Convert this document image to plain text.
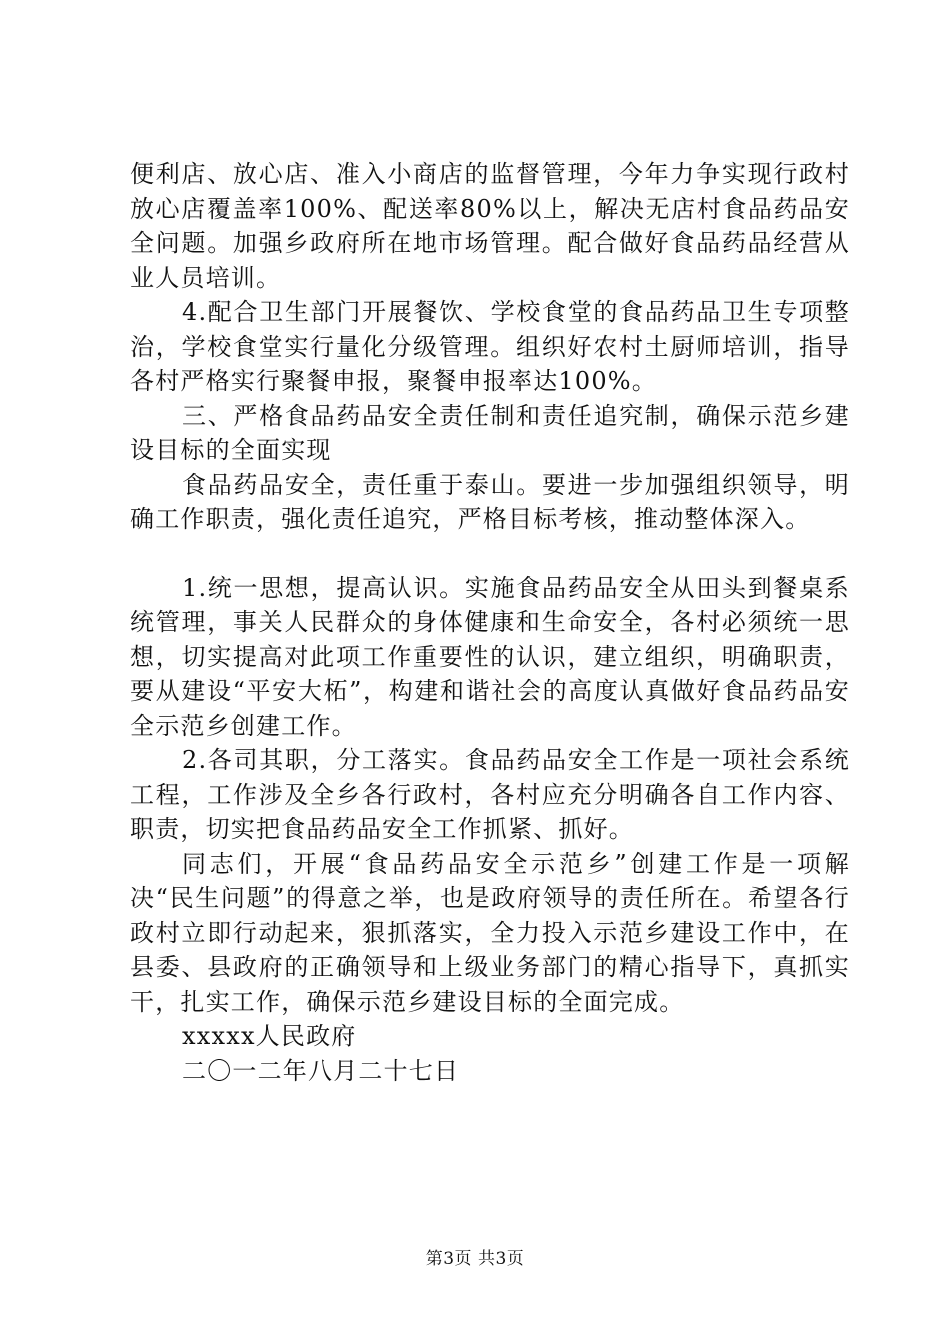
便利店、放心店、准入小商店的监督管理，今年力争实现行政村放心店覆盖率100%、配送率80%以上，解决无店村食品药品安全问题。加强乡政府所在地市场管理。配合做好食品药品经营从业人员培训。

4.配合卫生部门开展餐饮、学校食堂的食品药品卫生专项整治，学校食堂实行量化分级管理。组织好农村土厨师培训，指导各村严格实行聚餐申报，聚餐申报率达100%。

三、严格食品药品安全责任制和责任追究制，确保示范乡建设目标的全面实现

食品药品安全，责任重于泰山。要进一步加强组织领导，明确工作职责，强化责任追究，严格目标考核，推动整体深入。

1.统一思想，提高认识。实施食品药品安全从田头到餐桌系统管理，事关人民群众的身体健康和生命安全，各村必须统一思想，切实提高对此项工作重要性的认识，建立组织，明确职责，要从建设“平安大柘”，构建和谐社会的高度认真做好食品药品安全示范乡创建工作。

2.各司其职，分工落实。食品药品安全工作是一项社会系统工程，工作涉及全乡各行政村，各村应充分明确各自工作内容、职责，切实把食品药品安全工作抓紧、抓好。

同志们，开展“食品药品安全示范乡”创建工作是一项解决“民生问题”的得意之举，也是政府领导的责任所在。希望各行政村立即行动起来，狠抓落实，全力投入示范乡建设工作中，在县委、县政府的正确领导和上级业务部门的精心指导下，真抓实干，扎实工作，确保示范乡建设目标的全面完成。

xxxxx人民政府

二〇一二年八月二十七日

第3页 共3页
